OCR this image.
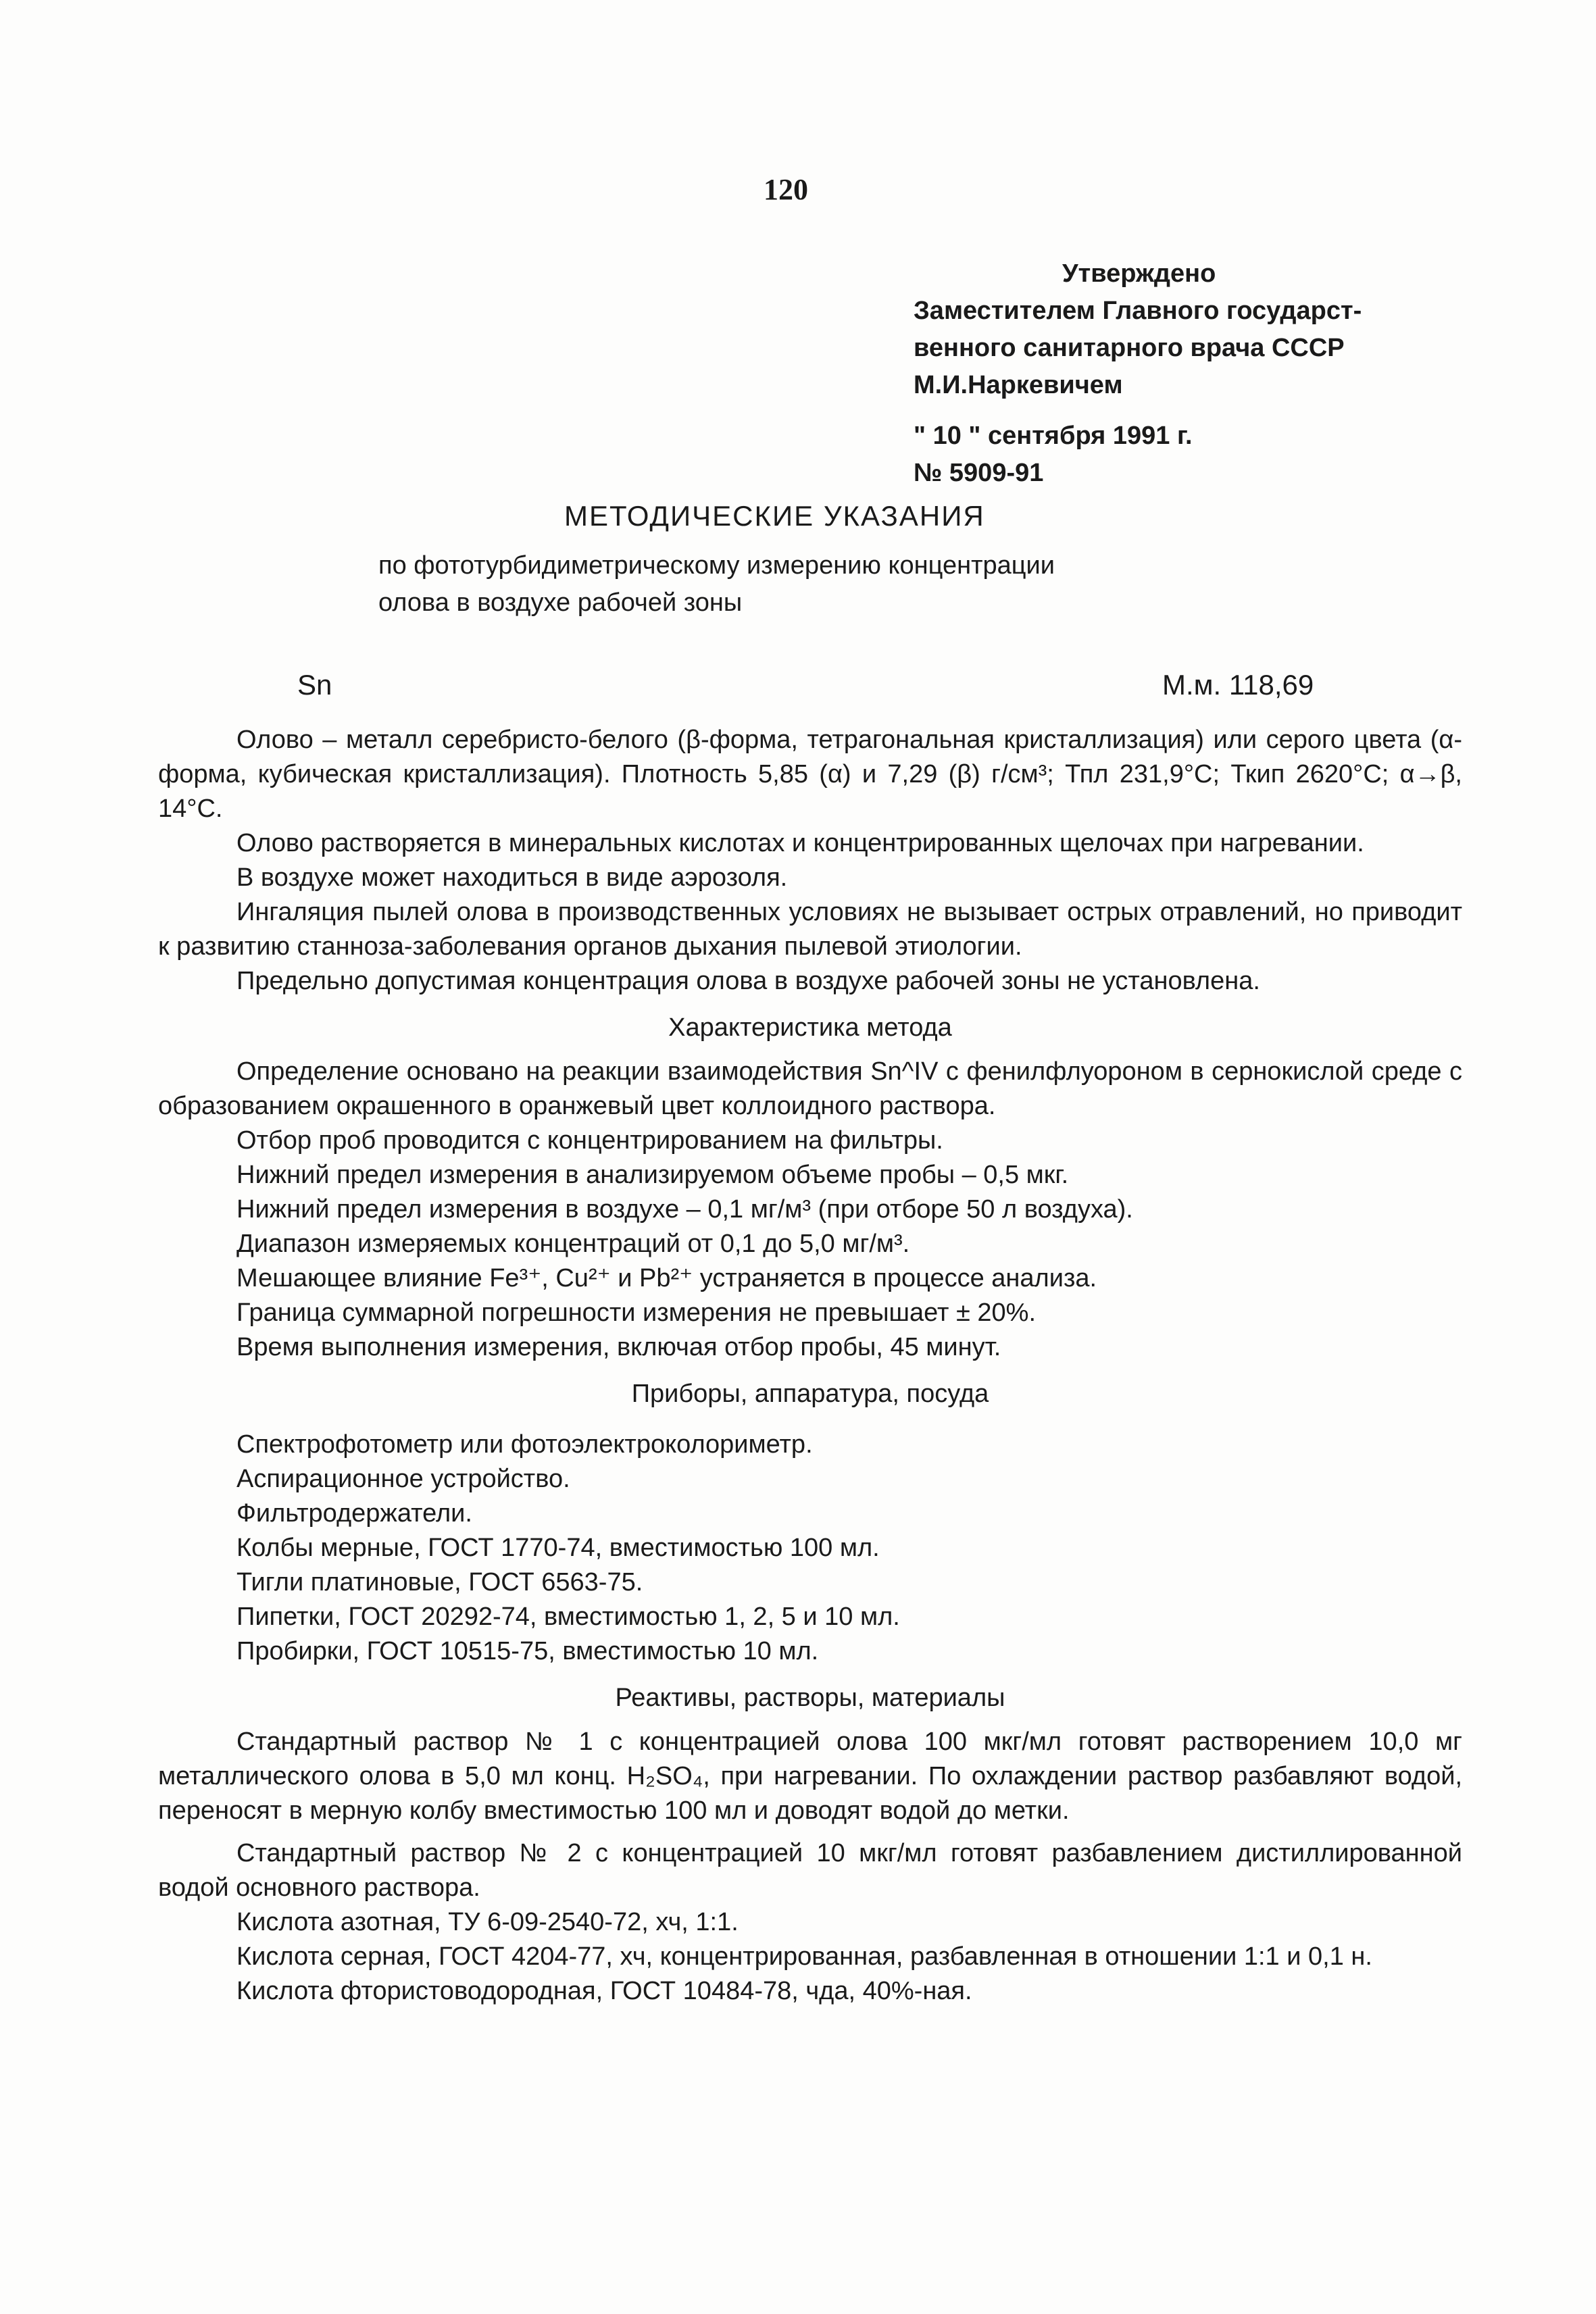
120
Утверждено
Заместителем Главного государст-
венного санитарного врача СССР
М.И.Наркевичем
" 10 " сентября 1991 г.
№ 5909-91
МЕТОДИЧЕСКИЕ УКАЗАНИЯ
по фототурбидиметрическому измерению концентрации
олова в воздухе рабочей зоны
Sn	М.м. 118,69

Олово – металл серебристо-белого (β-форма, тетрагональная кристаллизация) или серого цвета (α-форма, кубическая кристаллизация). Плотность 5,85 (α) и 7,29 (β) г/см³; Тпл 231,9°С; Ткип 2620°С; α→β, 14°С.

Олово растворяется в минеральных кислотах и концентрированных щелочах при нагревании.

В воздухе может находиться в виде аэрозоля.

Ингаляция пылей олова в производственных условиях не вызывает острых отравлений, но приводит к развитию станноза-заболевания органов дыхания пылевой этиологии.

Предельно допустимая концентрация олова в воздухе рабочей зоны не установлена.

Характеристика метода

Определение основано на реакции взаимодействия Sn^IV с фенилфлуороном в сернокислой среде с образованием окрашенного в оранжевый цвет коллоидного раствора.

Отбор проб проводится с концентрированием на фильтры.

Нижний предел измерения в анализируемом объеме пробы – 0,5 мкг.

Нижний предел измерения в воздухе – 0,1 мг/м³ (при отборе 50 л воздуха).

Диапазон измеряемых концентраций от 0,1 до 5,0 мг/м³.

Мешающее влияние Fe³⁺, Cu²⁺ и Pb²⁺ устраняется в процессе анализа.

Граница суммарной погрешности измерения не превышает ± 20%.

Время выполнения измерения, включая отбор пробы, 45 минут.

Приборы, аппаратура, посуда
Спектрофотометр или фотоэлектроколориметр.
Аспирационное устройство.
Фильтродержатели.
Колбы мерные, ГОСТ 1770-74, вместимостью 100 мл.
Тигли платиновые, ГОСТ 6563-75.
Пипетки, ГОСТ 20292-74, вместимостью 1, 2, 5 и 10 мл.
Пробирки, ГОСТ 10515-75, вместимостью 10 мл.
Реактивы, растворы, материалы

Стандартный раствор № 1 с концентрацией олова 100 мкг/мл готовят растворением 10,0 мг металлического олова в 5,0 мл конц. H₂SO₄, при нагревании. По охлаждении раствор разбавляют водой, переносят в мерную колбу вместимостью 100 мл и доводят водой до метки.

Стандартный раствор № 2 с концентрацией 10 мкг/мл готовят разбавлением дистиллированной водой основного раствора.

Кислота азотная, ТУ 6-09-2540-72, хч, 1:1.

Кислота серная, ГОСТ 4204-77, хч, концентрированная, разбавленная в отношении 1:1 и 0,1 н.

Кислота фтористоводородная, ГОСТ 10484-78, чда, 40%-ная.
